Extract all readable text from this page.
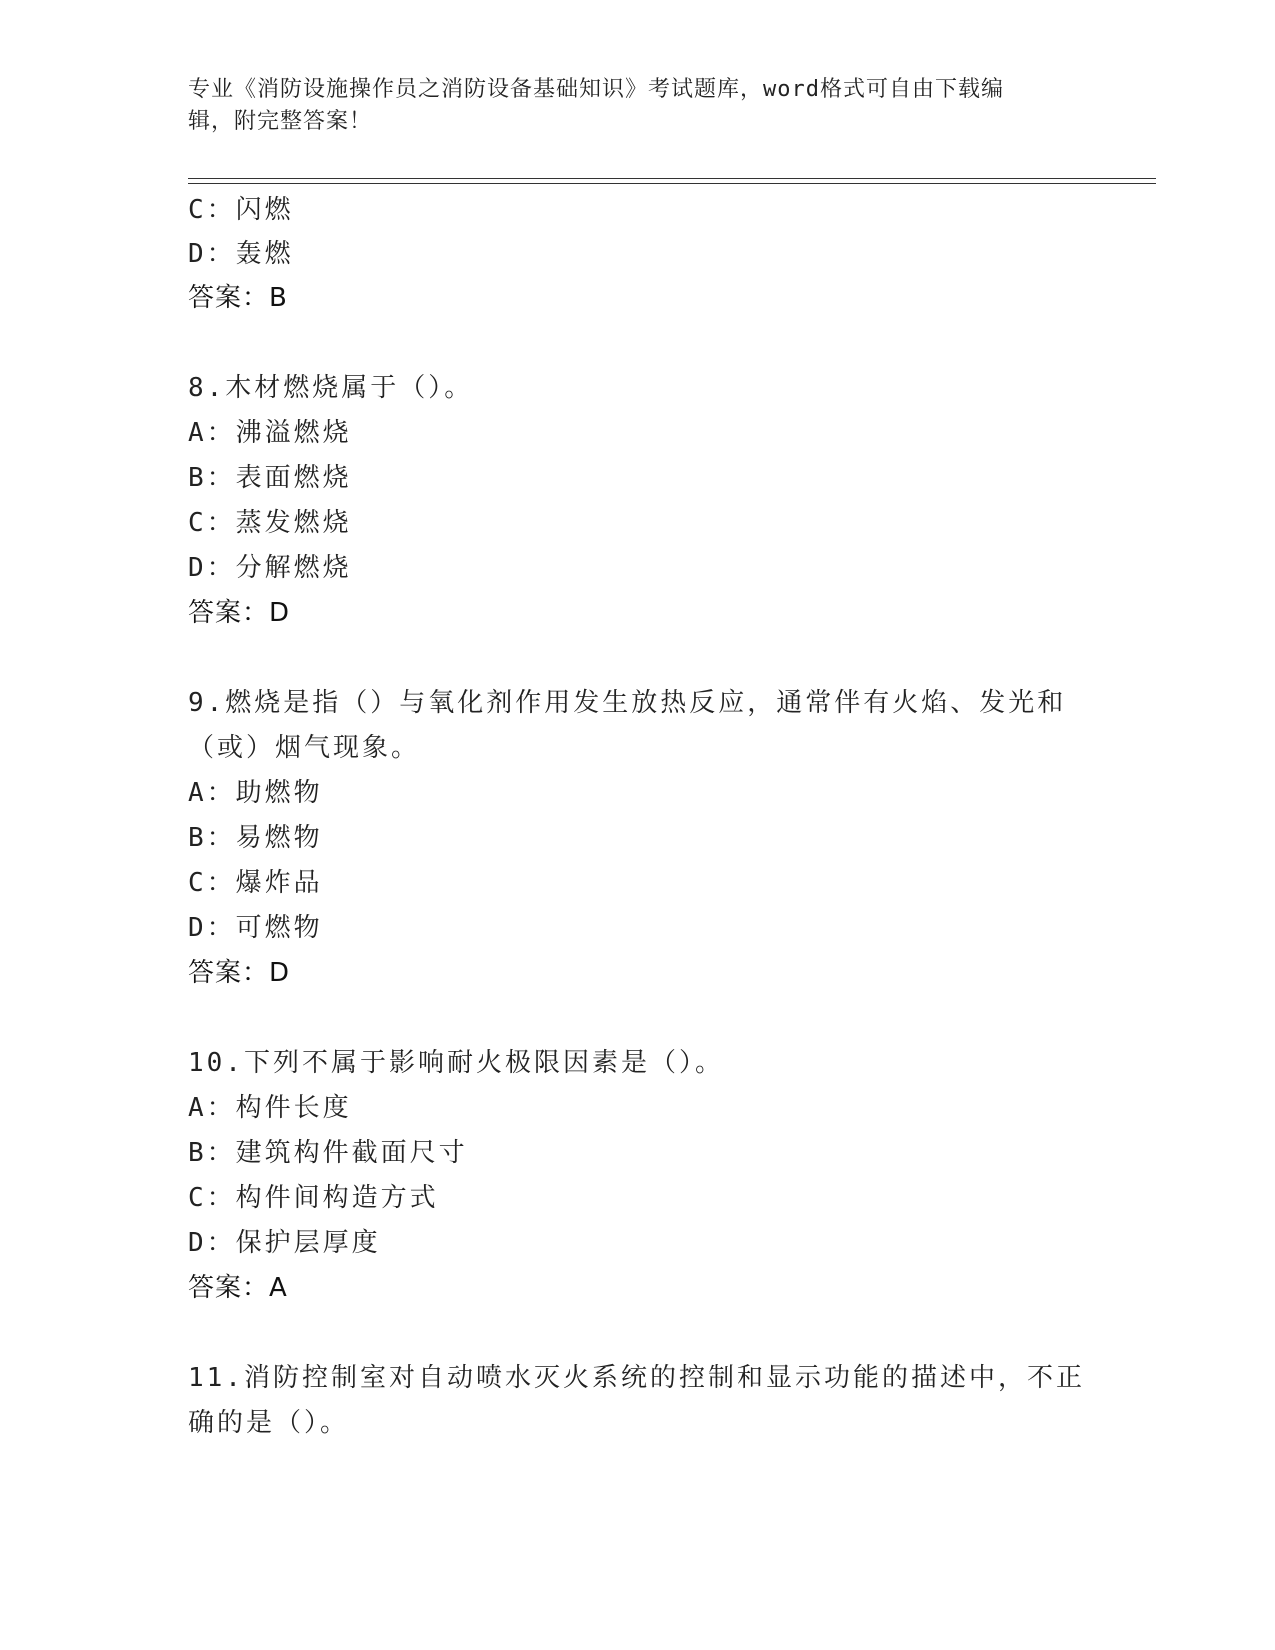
专业《消防设施操作员之消防设备基础知识》考试题库，word格式可自由下载编
辑，附完整答案！
C：闪燃
D：轰燃
答案：B
8.木材燃烧属于（）。
A：沸溢燃烧
B：表面燃烧
C：蒸发燃烧
D：分解燃烧
答案：D
9.燃烧是指（）与氧化剂作用发生放热反应，通常伴有火焰、发光和
（或）烟气现象。
A：助燃物
B：易燃物
C：爆炸品
D：可燃物
答案：D
10.下列不属于影响耐火极限因素是（）。
A：构件长度
B：建筑构件截面尺寸
C：构件间构造方式
D：保护层厚度
答案：A
11.消防控制室对自动喷水灭火系统的控制和显示功能的描述中，不正
确的是（）。
